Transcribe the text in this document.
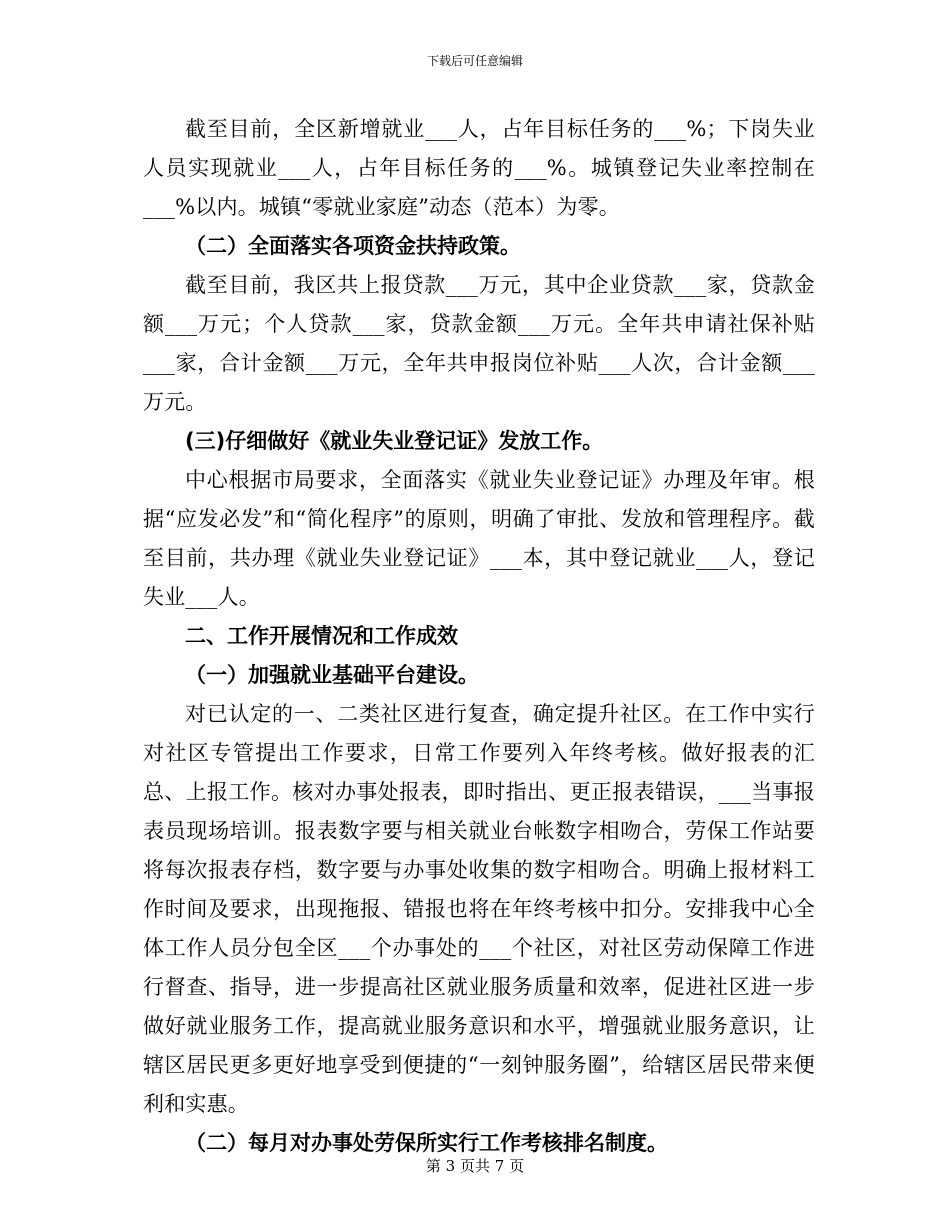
下载后可任意编辑

截至目前，全区新增就业___人，占年目标任务的___%；下岗失业人员实现就业___人，占年目标任务的___%。城镇登记失业率控制在___%以内。城镇“零就业家庭”动态（范本）为零。

（二）全面落实各项资金扶持政策。

截至目前，我区共上报贷款___万元，其中企业贷款___家，贷款金额___万元；个人贷款___家，贷款金额___万元。全年共申请社保补贴___家，合计金额___万元，全年共申报岗位补贴___人次，合计金额___万元。

(三)仔细做好《就业失业登记证》发放工作。

中心根据市局要求，全面落实《就业失业登记证》办理及年审。根据“应发必发”和“简化程序”的原则，明确了审批、发放和管理程序。截至目前，共办理《就业失业登记证》___本，其中登记就业___人，登记失业___人。

二、工作开展情况和工作成效

（一）加强就业基础平台建设。

对已认定的一、二类社区进行复查，确定提升社区。在工作中实行对社区专管提出工作要求，日常工作要列入年终考核。做好报表的汇总、上报工作。核对办事处报表，即时指出、更正报表错误，___当事报表员现场培训。报表数字要与相关就业台帐数字相吻合，劳保工作站要将每次报表存档，数字要与办事处收集的数字相吻合。明确上报材料工作时间及要求，出现拖报、错报也将在年终考核中扣分。安排我中心全体工作人员分包全区___个办事处的___个社区，对社区劳动保障工作进行督查、指导，进一步提高社区就业服务质量和效率，促进社区进一步做好就业服务工作，提高就业服务意识和水平，增强就业服务意识，让辖区居民更多更好地享受到便捷的“一刻钟服务圈”，给辖区居民带来便利和实惠。

（二）每月对办事处劳保所实行工作考核排名制度。

第 3 页共 7 页
